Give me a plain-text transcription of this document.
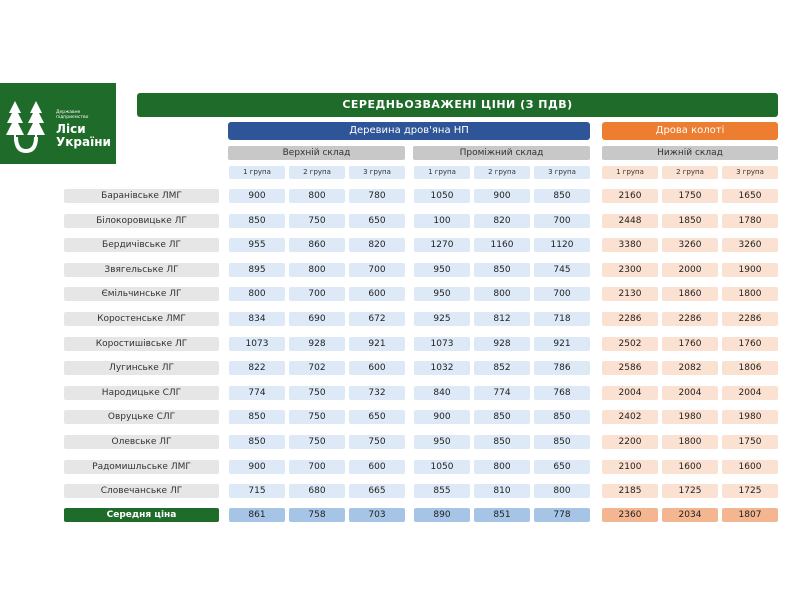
Державне
підприємство
Ліси
України
СЕРЕДНЬОЗВАЖЕНІ ЦІНИ (З ПДВ)
Деревина дров'яна НП	Дрова колоті
Верхній склад	Проміжний склад	Нижній склад
1 група	2 група	3 група	1 група	2 група	3 група	1 група	2 група	3 група
Баранівське ЛМГ	900	800	780	1050	900	850	2160	1750	1650
Білокоровицьке ЛГ	850	750	650	100	820	700	2448	1850	1780
Бердичівське ЛГ	955	860	820	1270	1160	1120	3380	3260	3260
Звягельське ЛГ	895	800	700	950	850	745	2300	2000	1900
Ємільчинське ЛГ	800	700	600	950	800	700	2130	1860	1800
Коростенське ЛМГ	834	690	672	925	812	718	2286	2286	2286
Коростишівське ЛГ	1073	928	921	1073	928	921	2502	1760	1760
Лугинське ЛГ	822	702	600	1032	852	786	2586	2082	1806
Народицьке СЛГ	774	750	732	840	774	768	2004	2004	2004
Овруцьке СЛГ	850	750	650	900	850	850	2402	1980	1980
Олевське ЛГ	850	750	750	950	850	850	2200	1800	1750
Радомишльське ЛМГ	900	700	600	1050	800	650	2100	1600	1600
Словечанське ЛГ	715	680	665	855	810	800	2185	1725	1725
Середня ціна	861	758	703	890	851	778	2360	2034	1807
